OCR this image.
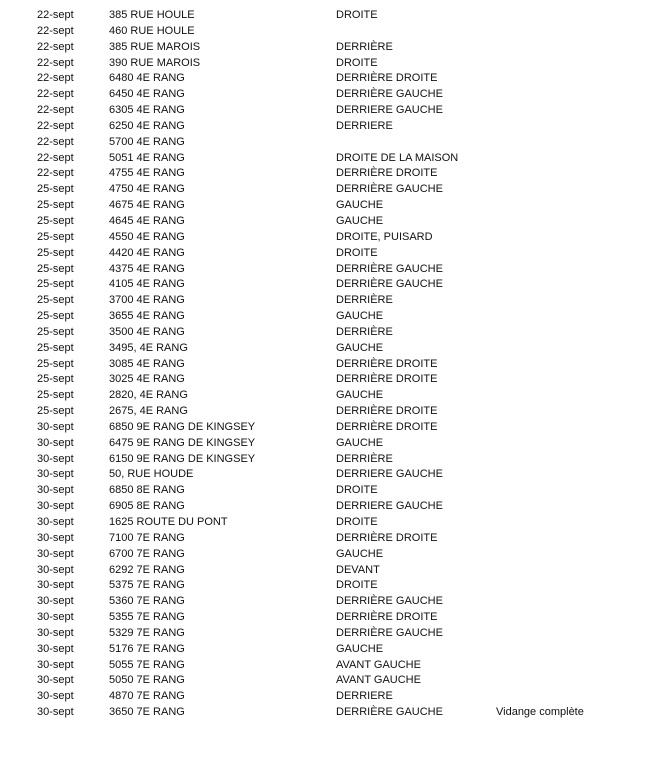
22-sept	385 RUE HOULE	DROITE
22-sept	460 RUE HOULE
22-sept	385 RUE MAROIS	DERRIÈRE
22-sept	390 RUE MAROIS	DROITE
22-sept	6480 4E RANG	DERRIÈRE DROITE
22-sept	6450 4E RANG	DERRIÈRE GAUCHE
22-sept	6305 4E RANG	DERRIERE GAUCHE
22-sept	6250 4E RANG	DERRIERE
22-sept	5700 4E RANG
22-sept	5051 4E RANG	DROITE DE LA MAISON
22-sept	4755 4E RANG	DERRIÈRE DROITE
25-sept	4750 4E RANG	DERRIÈRE GAUCHE
25-sept	4675 4E RANG	GAUCHE
25-sept	4645 4E RANG	GAUCHE
25-sept	4550 4E RANG	DROITE, PUISARD
25-sept	4420 4E RANG	DROITE
25-sept	4375 4E RANG	DERRIÈRE GAUCHE
25-sept	4105 4E RANG	DERRIÈRE GAUCHE
25-sept	3700 4E RANG	DERRIÈRE
25-sept	3655 4E RANG	GAUCHE
25-sept	3500 4E RANG	DERRIÈRE
25-sept	3495, 4E RANG	GAUCHE
25-sept	3085 4E RANG	DERRIÈRE DROITE
25-sept	3025 4E RANG	DERRIÈRE DROITE
25-sept	2820, 4E RANG	GAUCHE
25-sept	2675, 4E RANG	DERRIÈRE DROITE
30-sept	6850 9E RANG DE KINGSEY	DERRIÈRE DROITE
30-sept	6475 9E RANG DE KINGSEY	GAUCHE
30-sept	6150 9E RANG DE KINGSEY	DERRIÈRE
30-sept	50, RUE HOUDE	DERRIERE GAUCHE
30-sept	6850 8E RANG	DROITE
30-sept	6905 8E RANG	DERRIERE GAUCHE
30-sept	1625 ROUTE DU PONT	DROITE
30-sept	7100 7E RANG	DERRIÈRE DROITE
30-sept	6700 7E RANG	GAUCHE
30-sept	6292 7E RANG	DEVANT
30-sept	5375 7E RANG	DROITE
30-sept	5360 7E RANG	DERRIÈRE GAUCHE
30-sept	5355 7E RANG	DERRIÈRE DROITE
30-sept	5329 7E RANG	DERRIÈRE GAUCHE
30-sept	5176 7E RANG	GAUCHE
30-sept	5055 7E RANG	AVANT GAUCHE
30-sept	5050 7E RANG	AVANT GAUCHE
30-sept	4870 7E RANG	DERRIERE
30-sept	3650 7E RANG	DERRIÈRE GAUCHE	Vidange complète
